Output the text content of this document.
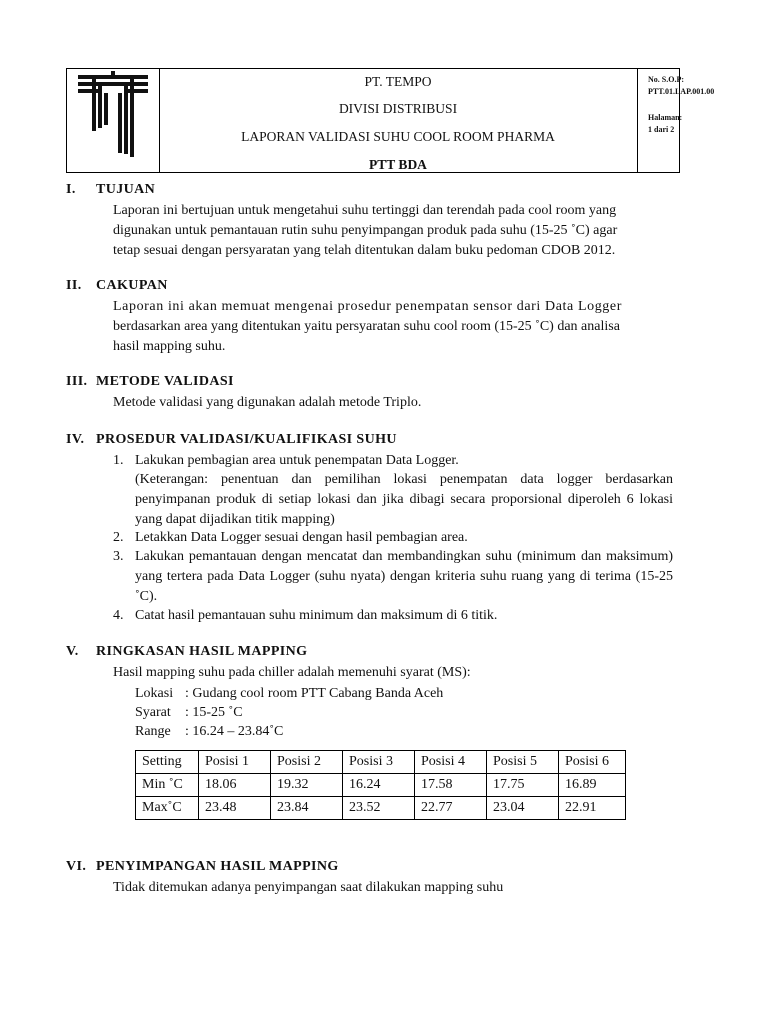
PT. TEMPO
DIVISI DISTRIBUSI
LAPORAN VALIDASI SUHU COOL ROOM PHARMA
PTT BDA
No. S.O.P:
PTT.01.LAP.001.00
Halaman:
1 dari 2
I. TUJUAN
Laporan ini bertujuan untuk mengetahui suhu tertinggi dan terendah pada cool room yang
digunakan untuk pemantauan rutin suhu penyimpangan produk pada suhu (15-25 ˚C) agar
tetap sesuai dengan persyaratan yang telah ditentukan dalam buku pedoman CDOB 2012.
II. CAKUPAN
Laporan ini akan memuat mengenai prosedur penempatan sensor dari Data Logger
berdasarkan area yang ditentukan yaitu persyaratan suhu cool room (15-25 ˚C) dan analisa
hasil mapping suhu.
III. METODE VALIDASI
Metode validasi yang digunakan adalah metode Triplo.
IV. PROSEDUR VALIDASI/KUALIFIKASI SUHU
1. Lakukan pembagian area untuk penempatan Data Logger.
(Keterangan: penentuan dan pemilihan lokasi penempatan data logger berdasarkan penyimpanan produk di setiap lokasi dan jika dibagi secara proporsional diperoleh 6 lokasi yang dapat dijadikan titik mapping)
2. Letakkan Data Logger sesuai dengan hasil pembagian area.
3. Lakukan pemantauan dengan mencatat dan membandingkan suhu (minimum dan maksimum) yang tertera pada Data Logger (suhu nyata) dengan kriteria suhu ruang yang di terima (15-25 ˚C).
4. Catat hasil pemantauan suhu minimum dan maksimum di 6 titik.
V. RINGKASAN HASIL MAPPING
Hasil mapping suhu pada chiller adalah memenuhi syarat (MS):
Lokasi : Gudang cool room PTT Cabang Banda Aceh
Syarat : 15-25 ˚C
Range : 16.24 – 23.84˚C
Setting	Posisi 1	Posisi 2	Posisi 3	Posisi 4	Posisi 5	Posisi 6
Min ˚C	18.06	19.32	16.24	17.58	17.75	16.89
Max˚C	23.48	23.84	23.52	22.77	23.04	22.91
VI. PENYIMPANGAN HASIL MAPPING
Tidak ditemukan adanya penyimpangan saat dilakukan mapping suhu
